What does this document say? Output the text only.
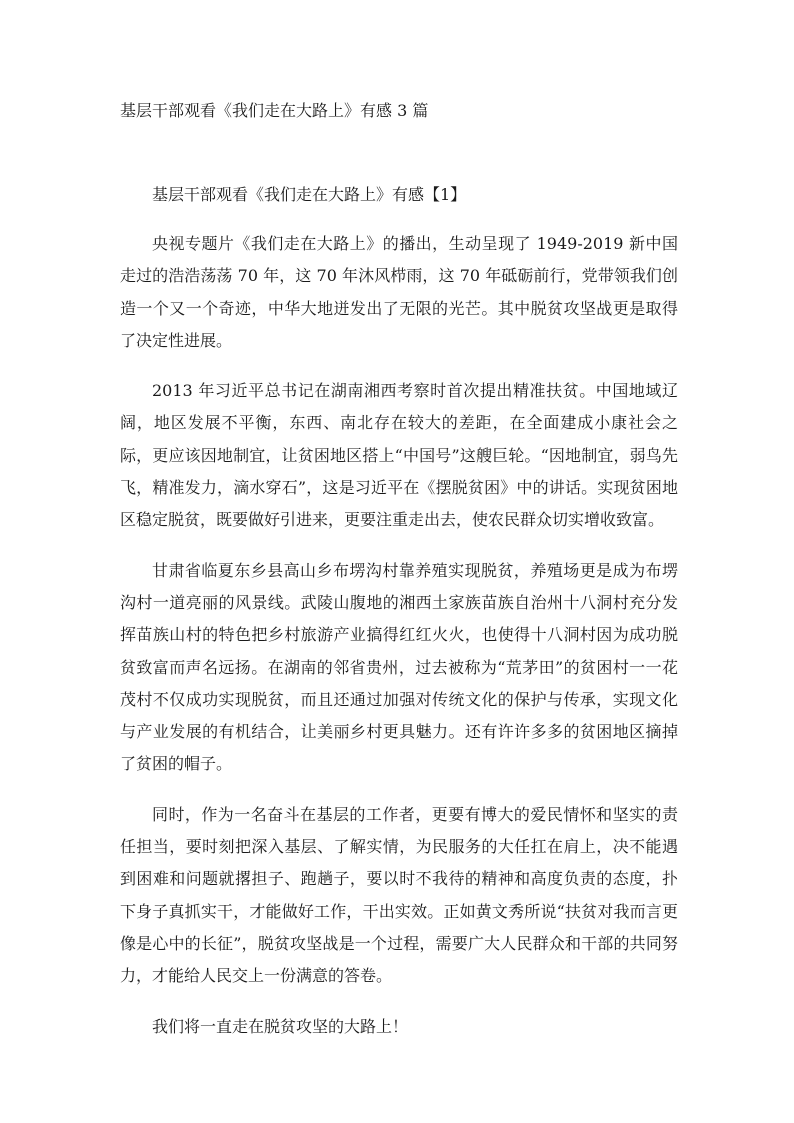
基层干部观看《我们走在大路上》有感 3 篇
基层干部观看《我们走在大路上》有感【1】

央视专题片《我们走在大路上》的播出，生动呈现了 1949-2019 新中国走过的浩浩荡荡 70 年，这 70 年沐风栉雨，这 70 年砥砺前行，党带领我们创造一个又一个奇迹，中华大地迸发出了无限的光芒。其中脱贫攻坚战更是取得了决定性进展。

2013 年习近平总书记在湖南湘西考察时首次提出精准扶贫。中国地域辽阔，地区发展不平衡，东西、南北存在较大的差距，在全面建成小康社会之际，更应该因地制宜，让贫困地区搭上“中国号”这艘巨轮。“因地制宜，弱鸟先飞，精准发力，滴水穿石”，这是习近平在《摆脱贫困》中的讲话。实现贫困地区稳定脱贫，既要做好引进来，更要注重走出去，使农民群众切实增收致富。

甘肃省临夏东乡县高山乡布塄沟村靠养殖实现脱贫，养殖场更是成为布塄沟村一道亮丽的风景线。武陵山腹地的湘西土家族苗族自治州十八洞村充分发挥苗族山村的特色把乡村旅游产业搞得红红火火，也使得十八洞村因为成功脱贫致富而声名远扬。在湖南的邻省贵州，过去被称为“荒茅田”的贫困村一一花茂村不仅成功实现脱贫，而且还通过加强对传统文化的保护与传承，实现文化与产业发展的有机结合，让美丽乡村更具魅力。还有许许多多的贫困地区摘掉了贫困的帽子。

同时，作为一名奋斗在基层的工作者，更要有博大的爱民情怀和坚实的责任担当，要时刻把深入基层、了解实情，为民服务的大任扛在肩上，决不能遇到困难和问题就撂担子、跑趟子，要以时不我待的精神和高度负责的态度，扑下身子真抓实干，才能做好工作，干出实效。正如黄文秀所说“扶贫对我而言更像是心中的长征”，脱贫攻坚战是一个过程，需要广大人民群众和干部的共同努力，才能给人民交上一份满意的答卷。

我们将一直走在脱贫攻坚的大路上！
